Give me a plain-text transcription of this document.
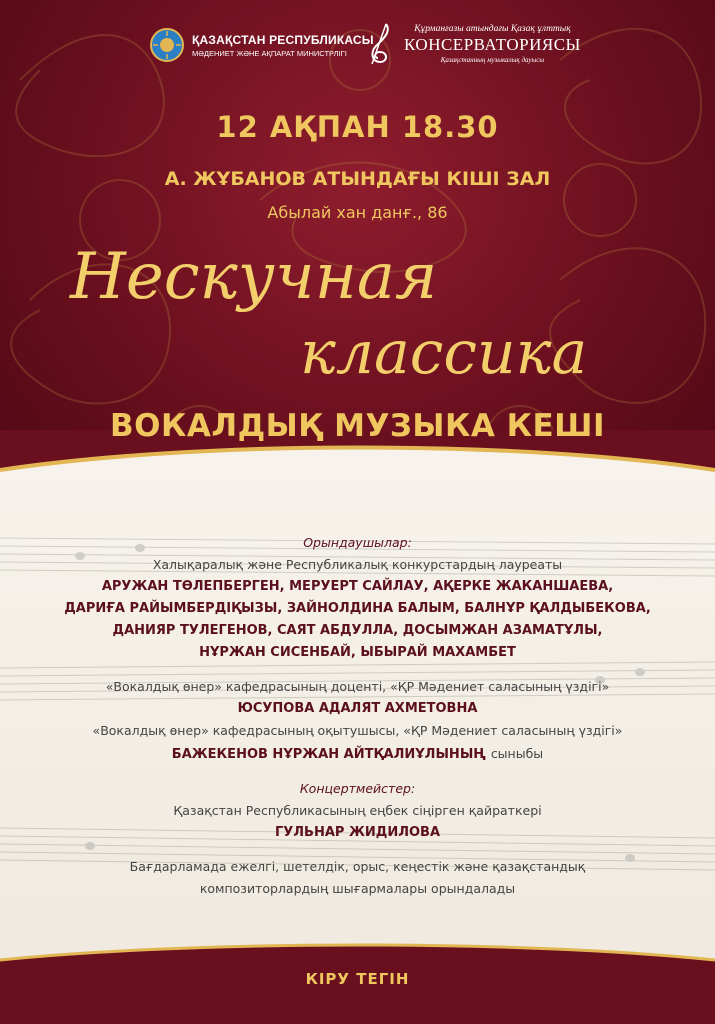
ҚАЗАҚСТАН РЕСПУБЛИКАСЫ
МӘДЕНИЕТ ЖӘНЕ АҚПАРАТ МИНИСТРЛІГІ
Құрманғазы атындағы Қазақ ұлттық
КОНСЕРВАТОРИЯСЫ
Қазақстанның музыкалық дауысы
12 АҚПАН 18.30
А. ЖҰБАНОВ АТЫНДАҒЫ КІШІ ЗАЛ
Абылай хан данғ., 86
Нескучная
классика
ВОКАЛДЫҚ МУЗЫКА КЕШІ
Орындаушылар:
Халықаралық және Республикалық конкурстардың лауреаты
АРУЖАН ТӨЛЕПБЕРГЕН, МЕРУЕРТ САЙЛАУ, АҚЕРКЕ ЖАКАНШАЕВА,
ДАРИҒА РАЙЫМБЕРДІҚЫЗЫ, ЗАЙНОЛДИНА БАЛЫМ, БАЛНҰР ҚАЛДЫБЕКОВА,
ДАНИЯР ТУЛЕГЕНОВ, САЯТ АБДУЛЛА, ДОСЫМЖАН АЗАМАТҰЛЫ,
НҰРЖАН СИСЕНБАЙ, ЫБЫРАЙ МАХАМБЕТ
«Вокалдық өнер» кафедрасының доценті, «ҚР Мәдениет саласының үздігі»
ЮСУПОВА АДАЛЯТ АХМЕТОВНА
«Вокалдық өнер» кафедрасының оқытушысы, «ҚР Мәдениет саласының үздігі»
БАЖЕКЕНОВ НҰРЖАН АЙТҚАЛИҰЛЫНЫҢ сыныбы
Концертмейстер:
Қазақстан Республикасының еңбек сіңірген қайраткері
ГУЛЬНАР ЖИДИЛОВА
Бағдарламада ежелгі, шетелдік, орыс, кеңестік және қазақстандық
композиторлардың шығармалары орындалады
КІРУ ТЕГІН
